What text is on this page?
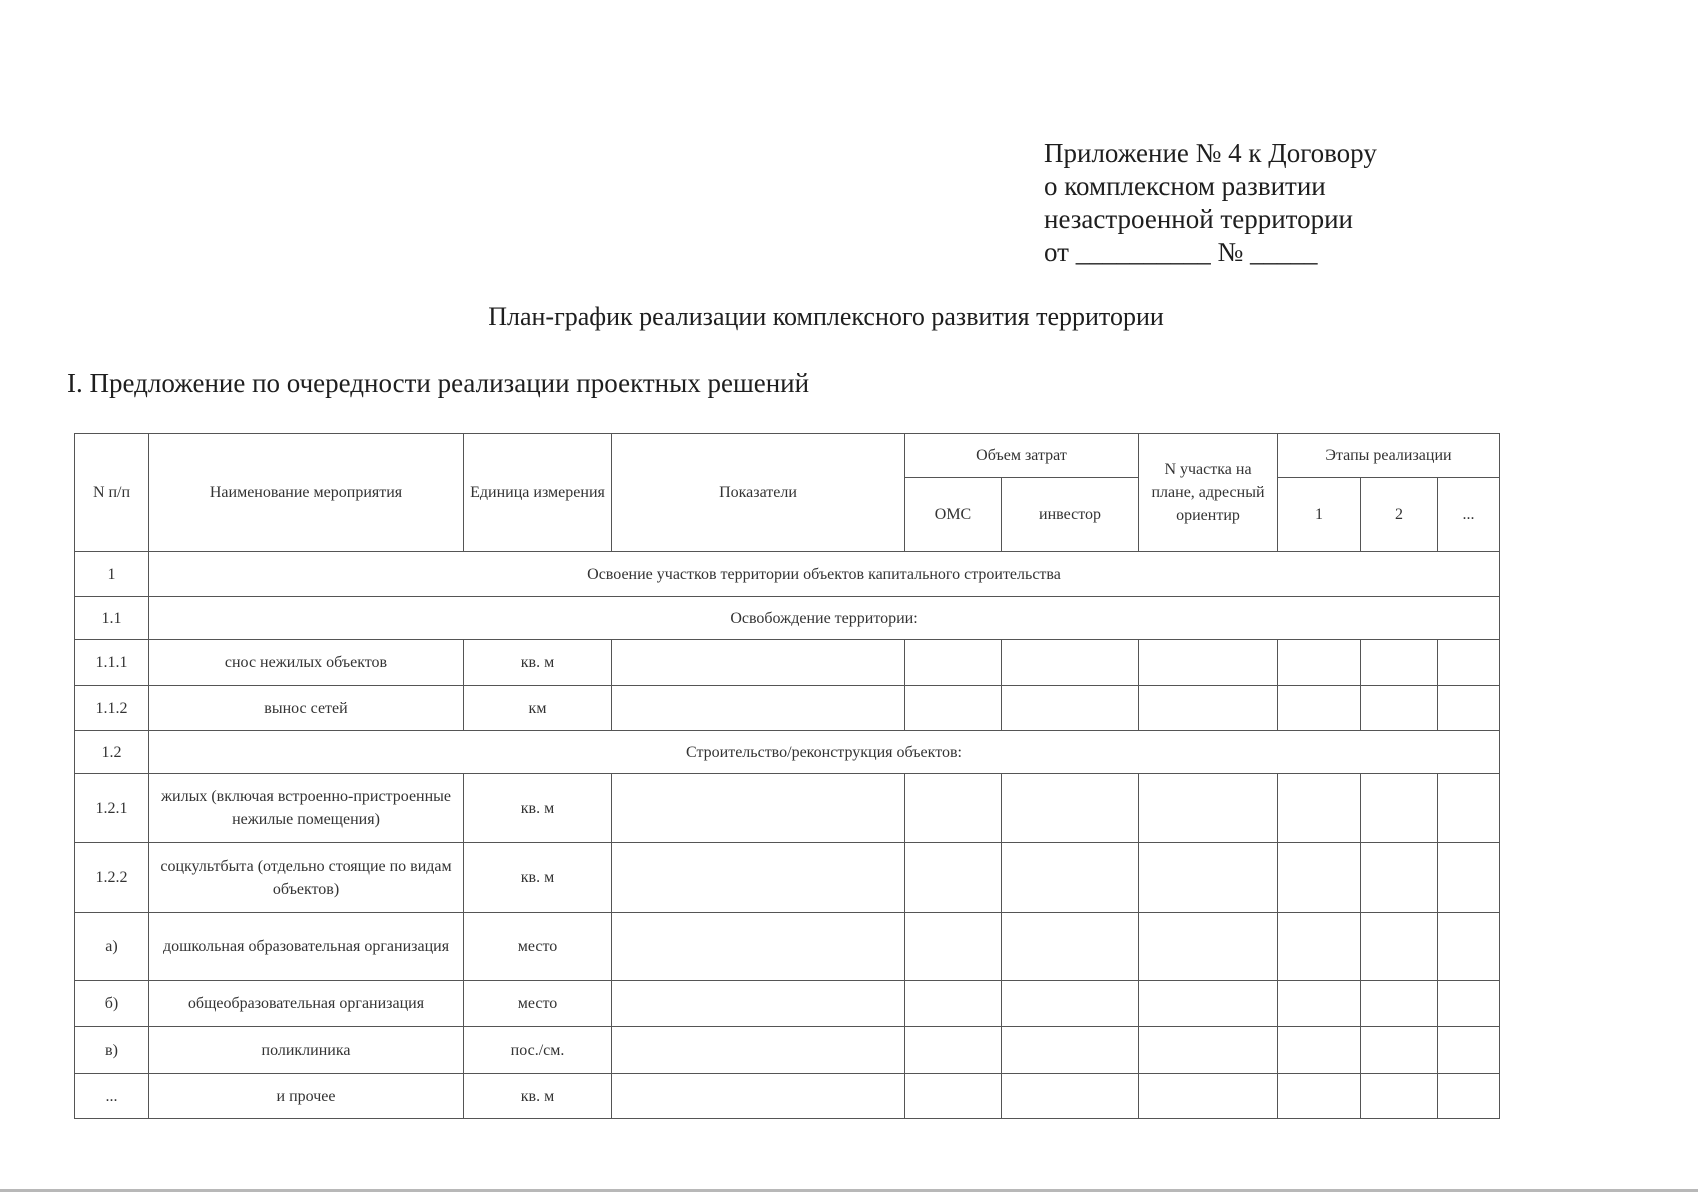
Приложение № 4 к Договору
о комплексном развитии
незастроенной территории
от __________ № _____
План-график реализации комплексного развития территории
I. Предложение по очередности реализации проектных решений
N п/п	Наименование мероприятия	Единица измерения	Показатели	Объем затрат		N участка на плане, адресный ориентир	Этапы реализации		
				ОМС	инвестор		1	2	...
1	Освоение участков территории объектов капитального строительства								
1.1	Освобождение территории:								
1.1.1	снос нежилых объектов	кв. м							
1.1.2	вынос сетей	км							
1.2	Строительство/реконструкция объектов:								
1.2.1	жилых (включая встроенно-пристроенные нежилые помещения)	кв. м							
1.2.2	соцкультбыта (отдельно стоящие по видам объектов)	кв. м							
а)	дошкольная образовательная организация	место							
б)	общеобразовательная организация	место							
в)	поликлиника	пос./см.							
...	и прочее	кв. м							
